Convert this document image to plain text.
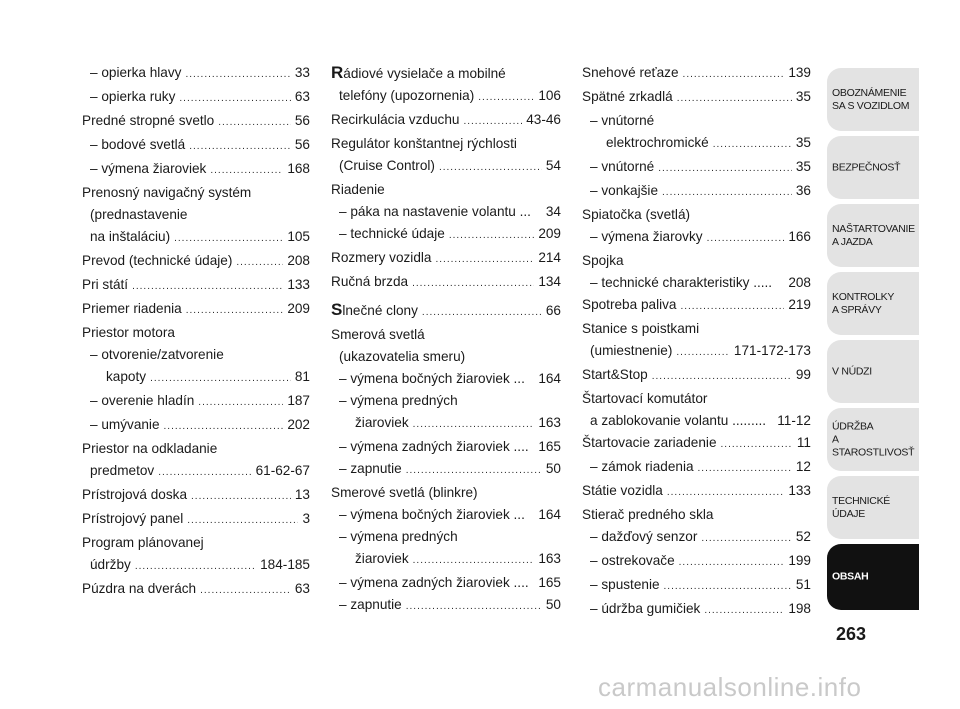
– opierka hlavy .....	33
– opierka ruky .....	63
Predné stropné svetlo .....	56
– bodové svetlá .....	56
– výmena žiaroviek .....	168
Prenosný navigačný systém
(prednastavenie
na inštaláciu) .....	105
Prevod (technické údaje) .....	208
Pri státí .....	133
Priemer riadenia .....	209
Priestor motora
– otvorenie/zatvorenie
kapoty .....	81
– overenie hladín .....	187
– umývanie .....	202
Priestor na odkladanie
predmetov .....	61-62-67
Prístrojová doska .....	13
Prístrojový panel .....	3
Program plánovanej
údržby .....	184-185
Púzdra na dverách .....	63
R ádiové vysielače a mobilné
telefóny (upozornenia) .....	106
Recirkulácia vzduchu .....	43-46
Regulátor konštantnej rýchlosti
(Cruise Control) .....	54
Riadenie
– páka na nastavenie volantu ... 34
– technické údaje .....	209
Rozmery vozidla .....	214
Ručná brzda .....	134
S lnečné clony .....	66
Smerová svetlá
(ukazovatelia smeru)
– výmena bočných žiaroviek ... 164
– výmena predných
žiaroviek .....	163
– výmena zadných žiaroviek .... 165
– zapnutie .....	50
Smerové svetlá (blinkre)
– výmena bočných žiaroviek ... 164
– výmena predných
žiaroviek .....	163
– výmena zadných žiaroviek .... 165
– zapnutie .....	50
Snehové reťaze .....	139
Spätné zrkadlá .....	35
– vnútorné
elektrochromické .....	35
– vnútorné .....	35
– vonkajšie .....	36
Spiatočka (svetlá)
– výmena žiarovky .....	166
Spojka
– technické charakteristiky ..... 208
Spotreba paliva .....	219
Stanice s poistkami
(umiestnenie) .....	171-172-173
Start&Stop .....	99
Štartovací komutátor
a zablokovanie volantu ......... 11-12
Štartovacie zariadenie .....	11
– zámok riadenia .....	12
Státie vozidla .....	133
Stierač predného skla
– dažďový senzor .....	52
– ostrekovače .....	199
– spustenie .....	51
– údržba gumičiek .....	198
OBOZNÁMENIE
SA S VOZIDLOM
BEZPEČNOSŤ
NAŠTARTOVANIE
A JAZDA
KONTROLKY
A SPRÁVY
V NÚDZI
ÚDRŽBA
A STAROSTLIVOSŤ
TECHNICKÉ
ÚDAJE
OBSAH
263
carmanualsonline.info
